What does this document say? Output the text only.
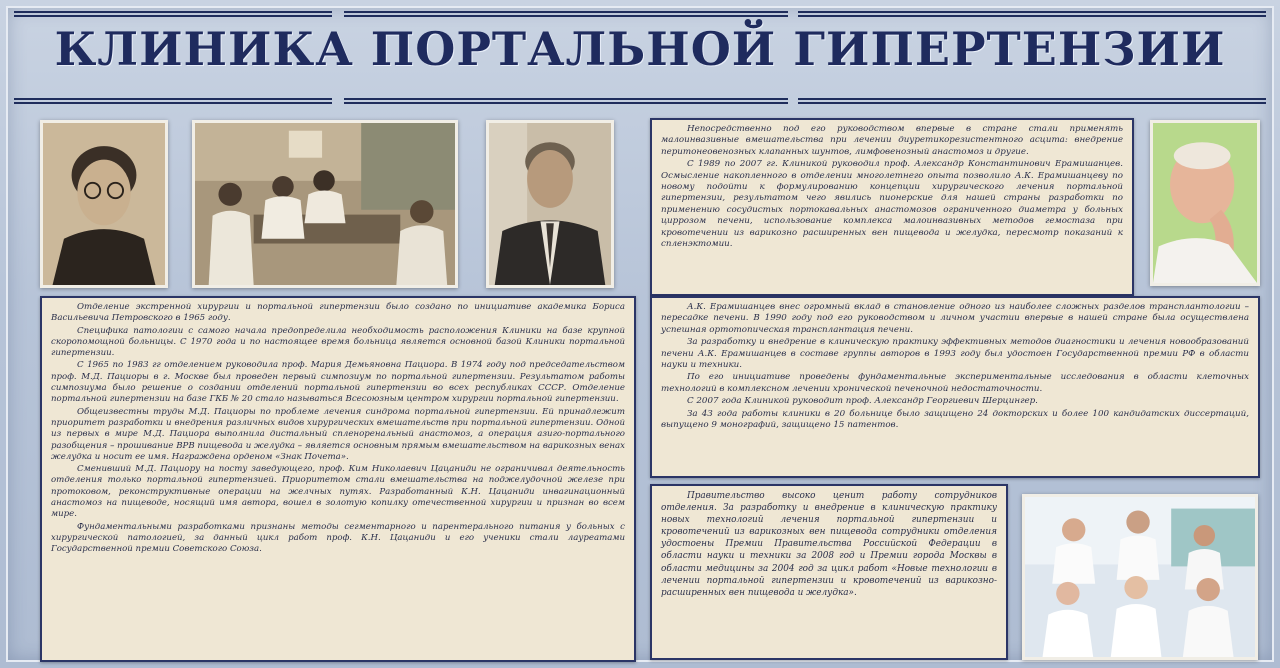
КЛИНИКА ПОРТАЛЬНОЙ ГИПЕРТЕНЗИИ

Отделение экстренной хирургии и портальной гипертензии было создано по инициативе академика Бориса Васильевича Петровского в 1965 году.

Специфика патологии с самого начала предопределила необходимость расположения Клиники на базе крупной скоропомощной больницы. С 1970 года и по настоящее время больница является основной базой Клиники портальной гипертензии.

С 1965 по 1983 гг отделением руководила проф. Мария Демьяновна Пациора. В 1974 году под председательством проф. М.Д. Пациоры в г. Москве был проведен первый симпозиум по портальной гипертензии. Результатом работы симпозиума было решение о создании отделений портальной гипертензии во всех республиках СССР. Отделение портальной гипертензии на базе ГКБ № 20 стало называться Всесоюзным центром хирургии портальной гипертензии.

Общеизвестны труды М.Д. Пациоры по проблеме лечения синдрома портальной гипертензии. Ей принадлежит приоритет разработки и внедрения различных видов хирургических вмешательств при портальной гипертензии. Одной из первых в мире М.Д. Пациора выполнила дистальный спленоренальный анастомоз, а операция азиго-портального разобщения – прошивание ВРВ пищевода и желудка – является основным прямым вмешательством на варикозных венах желудка и носит ее имя. Награждена орденом «Знак Почета».

Сменивший М.Д. Пациору на посту заведующего, проф. Ким Николаевич Цацаниди не ограничивал деятельность отделения только портальной гипертензией. Приоритетом стали вмешательства на поджелудочной железе при протоковом, реконструктивные операции на желчных путях. Разработанный К.Н. Цацаниди инвагинационный анастомоз на пищеводе, носящий имя автора, вошел в золотую копилку отечественной хирургии и признан во всем мире.

Фундаментальными разработками признаны методы сегментарного и парентерального питания у больных с хирургической патологией, за данный цикл работ проф. К.Н. Цацаниди и его ученики стали лауреатами Государственной премии Советского Союза.

Непосредственно под его руководством впервые в стране стали применять малоинвазивные вмешательства при лечении диуретикорезистентного асцита: внедрение перитонеовенозных клапанных шунтов, лимфовенозный анастомоз и другие.

С 1989 по 2007 гг. Клиникой руководил проф. Александр Константинович Ерамишанцев. Осмысление накопленного в отделении многолетнего опыта позволило А.К. Ерамишанцеву по новому подойти к формулированию концепции хирургического лечения портальной гипертензии, результатом чего явились пионерские для нашей страны разработки по применению сосудистых портокавальных анастомозов ограниченного диаметра у больных циррозом печени, использование комплекса малоинвазивных методов гемостаза при кровотечении из варикозно расширенных вен пищевода и желудка, пересмотр показаний к спленэктомии.

А.К. Ерамишанцев внес огромный вклад в становление одного из наиболее сложных разделов трансплантологии – пересадке печени. В 1990 году под его руководством и личном участии впервые в нашей стране была осуществлена успешная ортотопическая трансплантация печени.

За разработку и внедрение в клиническую практику эффективных методов диагностики и лечения новообразований печени А.К. Ерамишанцев в составе группы авторов в 1993 году был удостоен Государственной премии РФ в области науки и техники.

По его инициативе проведены фундаментальные экспериментальные исследования в области клеточных технологий в комплексном лечении хронической печеночной недостаточности.

С 2007 года Клиникой руководит проф. Александр Георгиевич Шерцингер.

За 43 года работы клиники в 20 больнице было защищено 24 докторских и более 100 кандидатских диссертаций, выпущено 9 монографий, защищено 15 патентов.

Правительство высоко ценит работу сотрудников отделения. За разработку и внедрение в клиническую практику новых технологий лечения портальной гипертензии и кровотечений из варикозных вен пищевода сотрудники отделения удостоены Премии Правительства Российской Федерации в области науки и техники за 2008 год и Премии города Москвы в области медицины за 2004 год за цикл работ «Новые технологии в лечении портальной гипертензии и кровотечений из варикозно-расширенных вен пищевода и желудка».
